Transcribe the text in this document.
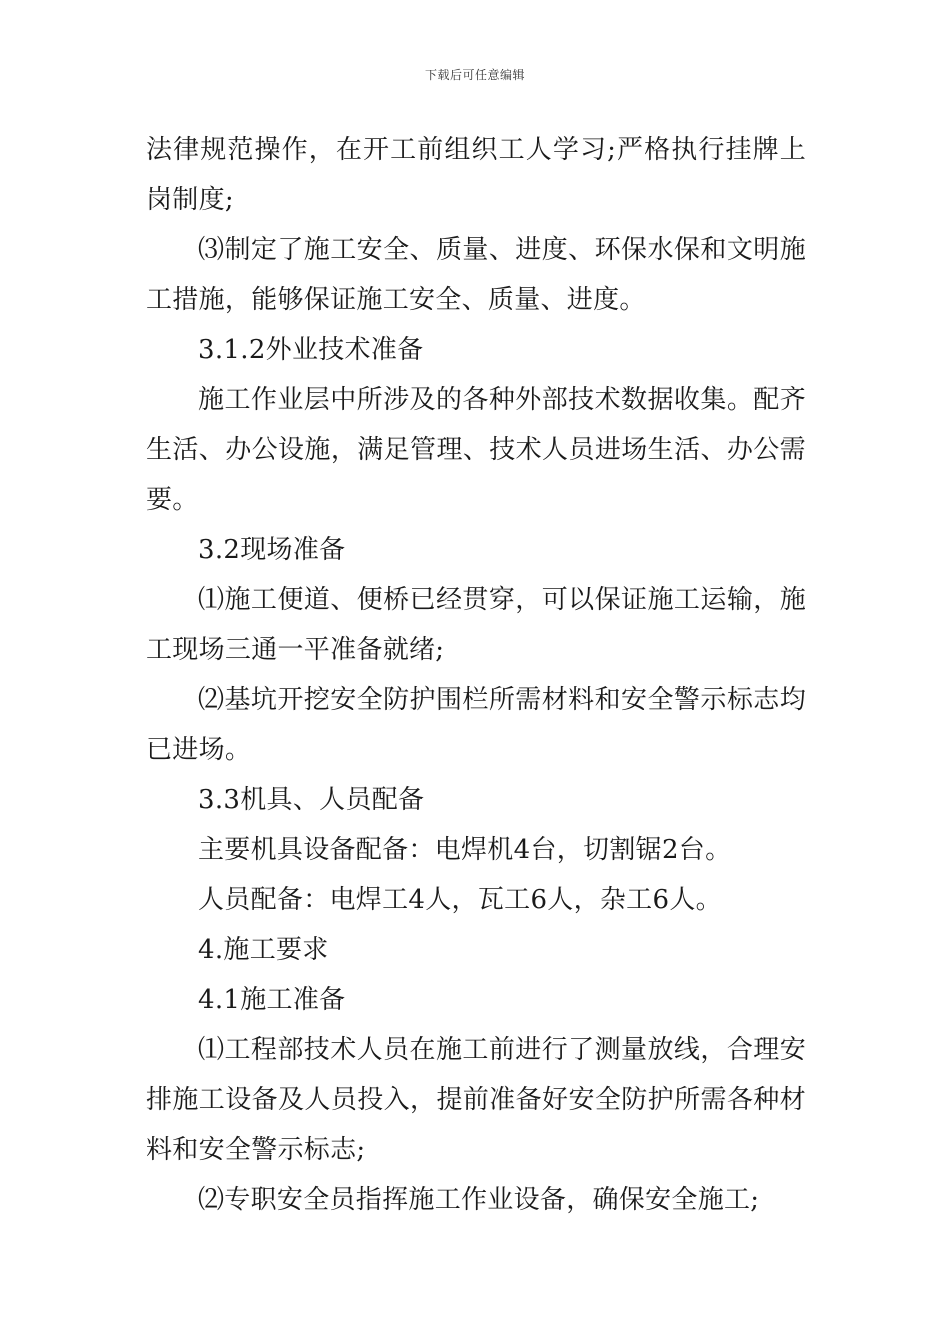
下载后可任意编辑

法律规范操作，在开工前组织工人学习;严格执行挂牌上岗制度;

⑶制定了施工安全、质量、进度、环保水保和文明施工措施，能够保证施工安全、质量、进度。

3.1.2外业技术准备

施工作业层中所涉及的各种外部技术数据收集。配齐生活、办公设施，满足管理、技术人员进场生活、办公需要。

3.2现场准备

⑴施工便道、便桥已经贯穿，可以保证施工运输，施工现场三通一平准备就绪;

⑵基坑开挖安全防护围栏所需材料和安全警示标志均已进场。

3.3机具、人员配备

主要机具设备配备：电焊机4台，切割锯2台。

人员配备：电焊工4人，瓦工6人，杂工6人。

4.施工要求

4.1施工准备

⑴工程部技术人员在施工前进行了测量放线，合理安排施工设备及人员投入，提前准备好安全防护所需各种材料和安全警示标志;

⑵专职安全员指挥施工作业设备，确保安全施工;
